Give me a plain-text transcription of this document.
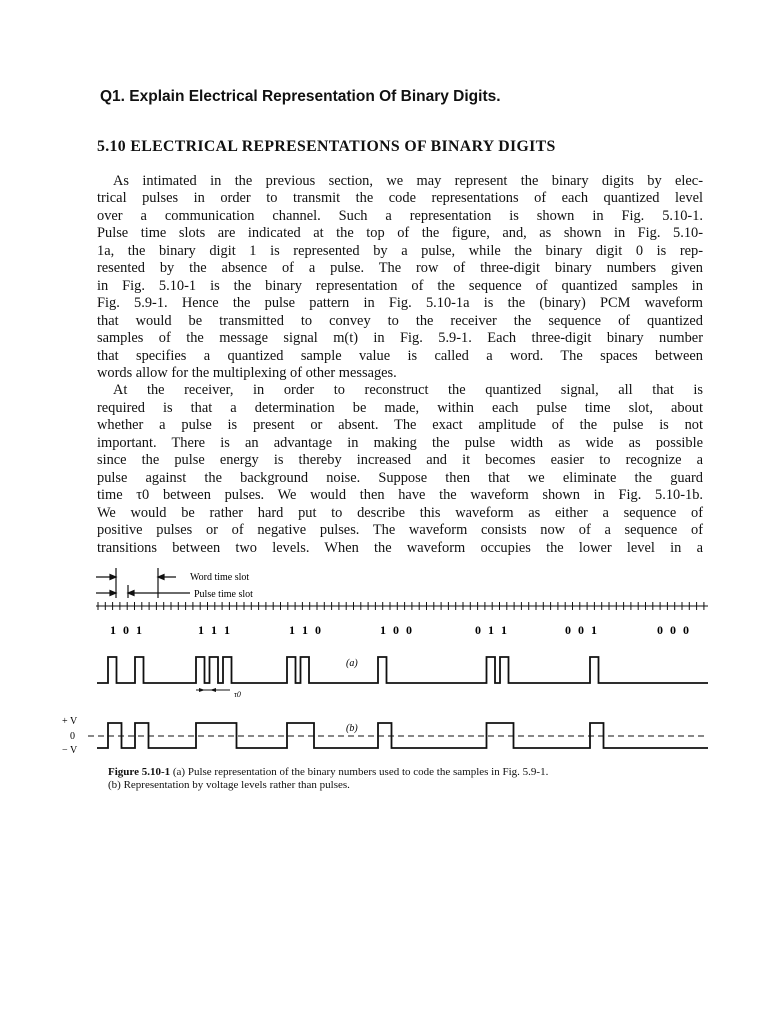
Q1. Explain Electrical Representation Of Binary Digits.
5.10 ELECTRICAL REPRESENTATIONS OF BINARY DIGITS
As intimated in the previous section, we may represent the binary digits by elec-
trical pulses in order to transmit the code representations of each quantized level
over a communication channel. Such a representation is shown in Fig. 5.10-1.
Pulse time slots are indicated at the top of the figure, and, as shown in Fig. 5.10-
1a, the binary digit 1 is represented by a pulse, while the binary digit 0 is rep-
resented by the absence of a pulse. The row of three-digit binary numbers given
in Fig. 5.10-1 is the binary representation of the sequence of quantized samples in
Fig. 5.9-1. Hence the pulse pattern in Fig. 5.10-1a is the (binary) PCM waveform
that would be transmitted to convey to the receiver the sequence of quantized
samples of the message signal m(t) in Fig. 5.9-1. Each three-digit binary number
that specifies a quantized sample value is called a word. The spaces between
words allow for the multiplexing of other messages.
At the receiver, in order to reconstruct the quantized signal, all that is
required is that a determination be made, within each pulse time slot, about
whether a pulse is present or absent. The exact amplitude of the pulse is not
important. There is an advantage in making the pulse width as wide as possible
since the pulse energy is thereby increased and it becomes easier to recognize a
pulse against the background noise. Suppose then that we eliminate the guard
time τ0 between pulses. We would then have the waveform shown in Fig. 5.10-1b.
We would be rather hard put to describe this waveform as either a sequence of
positive pulses or of negative pulses. The waveform consists now of a sequence of
transitions between two levels. When the waveform occupies the lower level in a
1 0 1	1 1 1	1 1 0	1 0 0	0 1 1	0 0 1	0 0 0
Word time slot
Pulse time slot
(a)
(b)
τ0
+ V
0
− V
Figure 5.10-1 (a) Pulse representation of the binary numbers used to code the samples in Fig. 5.9-1.
(b) Representation by voltage levels rather than pulses.
